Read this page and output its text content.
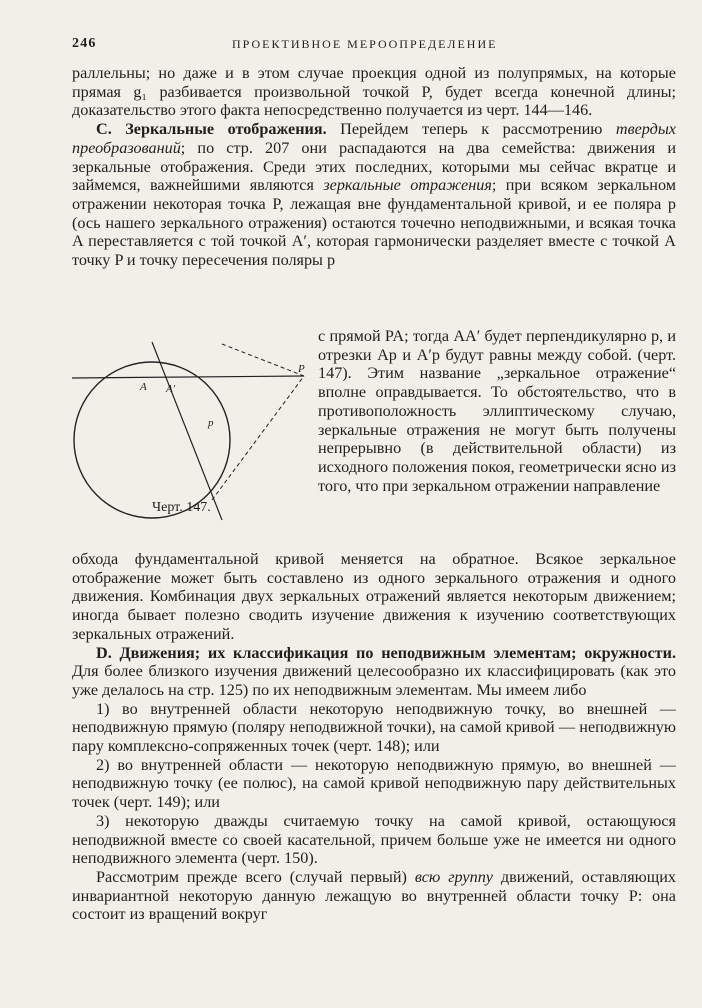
246	ПРОЕКТИВНОЕ МЕРООПРЕДЕЛЕНИЕ

раллельны; но даже и в этом случае проекция одной из полупрямых, на которые прямая g₁ разбивается произвольной точкой P, будет всегда конечной длины; доказательство этого факта непосредственно получается из черт. 144—146.

C. Зеркальные отображения. Перейдем теперь к рассмотрению твердых преобразований; по стр. 207 они распадаются на два семейства: движения и зеркальные отображения. Среди этих последних, которыми мы сейчас вкратце и займемся, важнейшими являются зеркальные отражения; при всяком зеркальном отражении некоторая точка P, лежащая вне фундаментальной кривой, и ее поляра p (ось нашего зеркального отражения) остаются точечно неподвижными, и всякая точка A переставляется с той точкой A′, которая гармонически разделяет вместе с точкой A точку P и точку пересечения поляры p

A A′
P
p
Черт. 147.

с прямой PA; тогда AA′ будет перпендикулярно p, и отрезки Ap и A′p будут равны между собой. (черт. 147). Этим название „зеркальное отражение“ вполне оправдывается. То обстоятельство, что в противоположность эллиптическому случаю, зеркальные отражения не могут быть получены непрерывно (в действительной области) из исходного положения покоя, геометрически ясно из того, что при зеркальном отражении направление

обхода фундаментальной кривой меняется на обратное. Всякое зеркальное отображение может быть составлено из одного зеркального отражения и одного движения. Комбинация двух зеркальных отражений является некоторым движением; иногда бывает полезно сводить изучение движения к изучению соответствующих зеркальных отражений.

D. Движения; их классификация по неподвижным элементам; окружности. Для более близкого изучения движений целесообразно их классифицировать (как это уже делалось на стр. 125) по их неподвижным элементам. Мы имеем либо

1) во внутренней области некоторую неподвижную точку, во внешней — неподвижную прямую (поляру неподвижной точки), на самой кривой — неподвижную пару комплексно-сопряженных точек (черт. 148); или

2) во внутренней области — некоторую неподвижную прямую, во внешней — неподвижную точку (ее полюс), на самой кривой неподвижную пару действительных точек (черт. 149); или

3) некоторую дважды считаемую точку на самой кривой, остающуюся неподвижной вместе со своей касательной, причем больше уже не имеется ни одного неподвижного элемента (черт. 150).

Рассмотрим прежде всего (случай первый) всю группу движений, оставляющих инвариантной некоторую данную лежащую во внутренней области точку P: она состоит из вращений вокруг
